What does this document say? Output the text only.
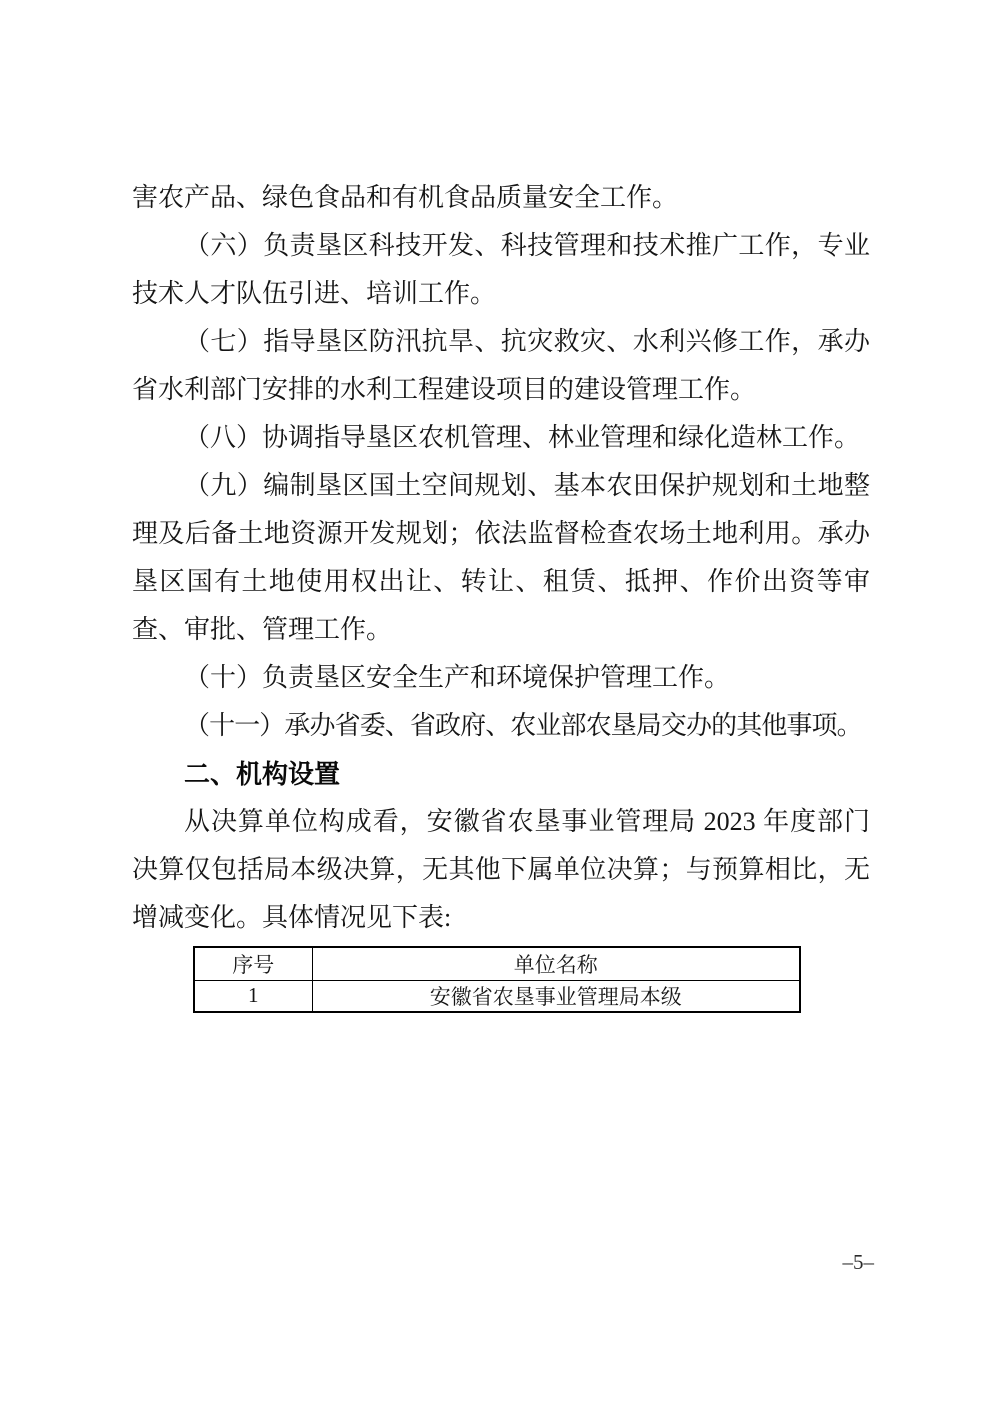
害农产品、绿色食品和有机食品质量安全工作。

（六）负责垦区科技开发、科技管理和技术推广工作，专业技术人才队伍引进、培训工作。

（七）指导垦区防汛抗旱、抗灾救灾、水利兴修工作，承办省水利部门安排的水利工程建设项目的建设管理工作。

（八）协调指导垦区农机管理、林业管理和绿化造林工作。

（九）编制垦区国土空间规划、基本农田保护规划和土地整理及后备土地资源开发规划；依法监督检查农场土地利用。承办垦区国有土地使用权出让、转让、租赁、抵押、作价出资等审查、审批、管理工作。

（十）负责垦区安全生产和环境保护管理工作。

（十一）承办省委、省政府、农业部农垦局交办的其他事项。

二、机构设置

从决算单位构成看，安徽省农垦事业管理局 2023 年度部门决算仅包括局本级决算，无其他下属单位决算；与预算相比，无增减变化。具体情况见下表:

序号	单位名称
1	安徽省农垦事业管理局本级
–5–
